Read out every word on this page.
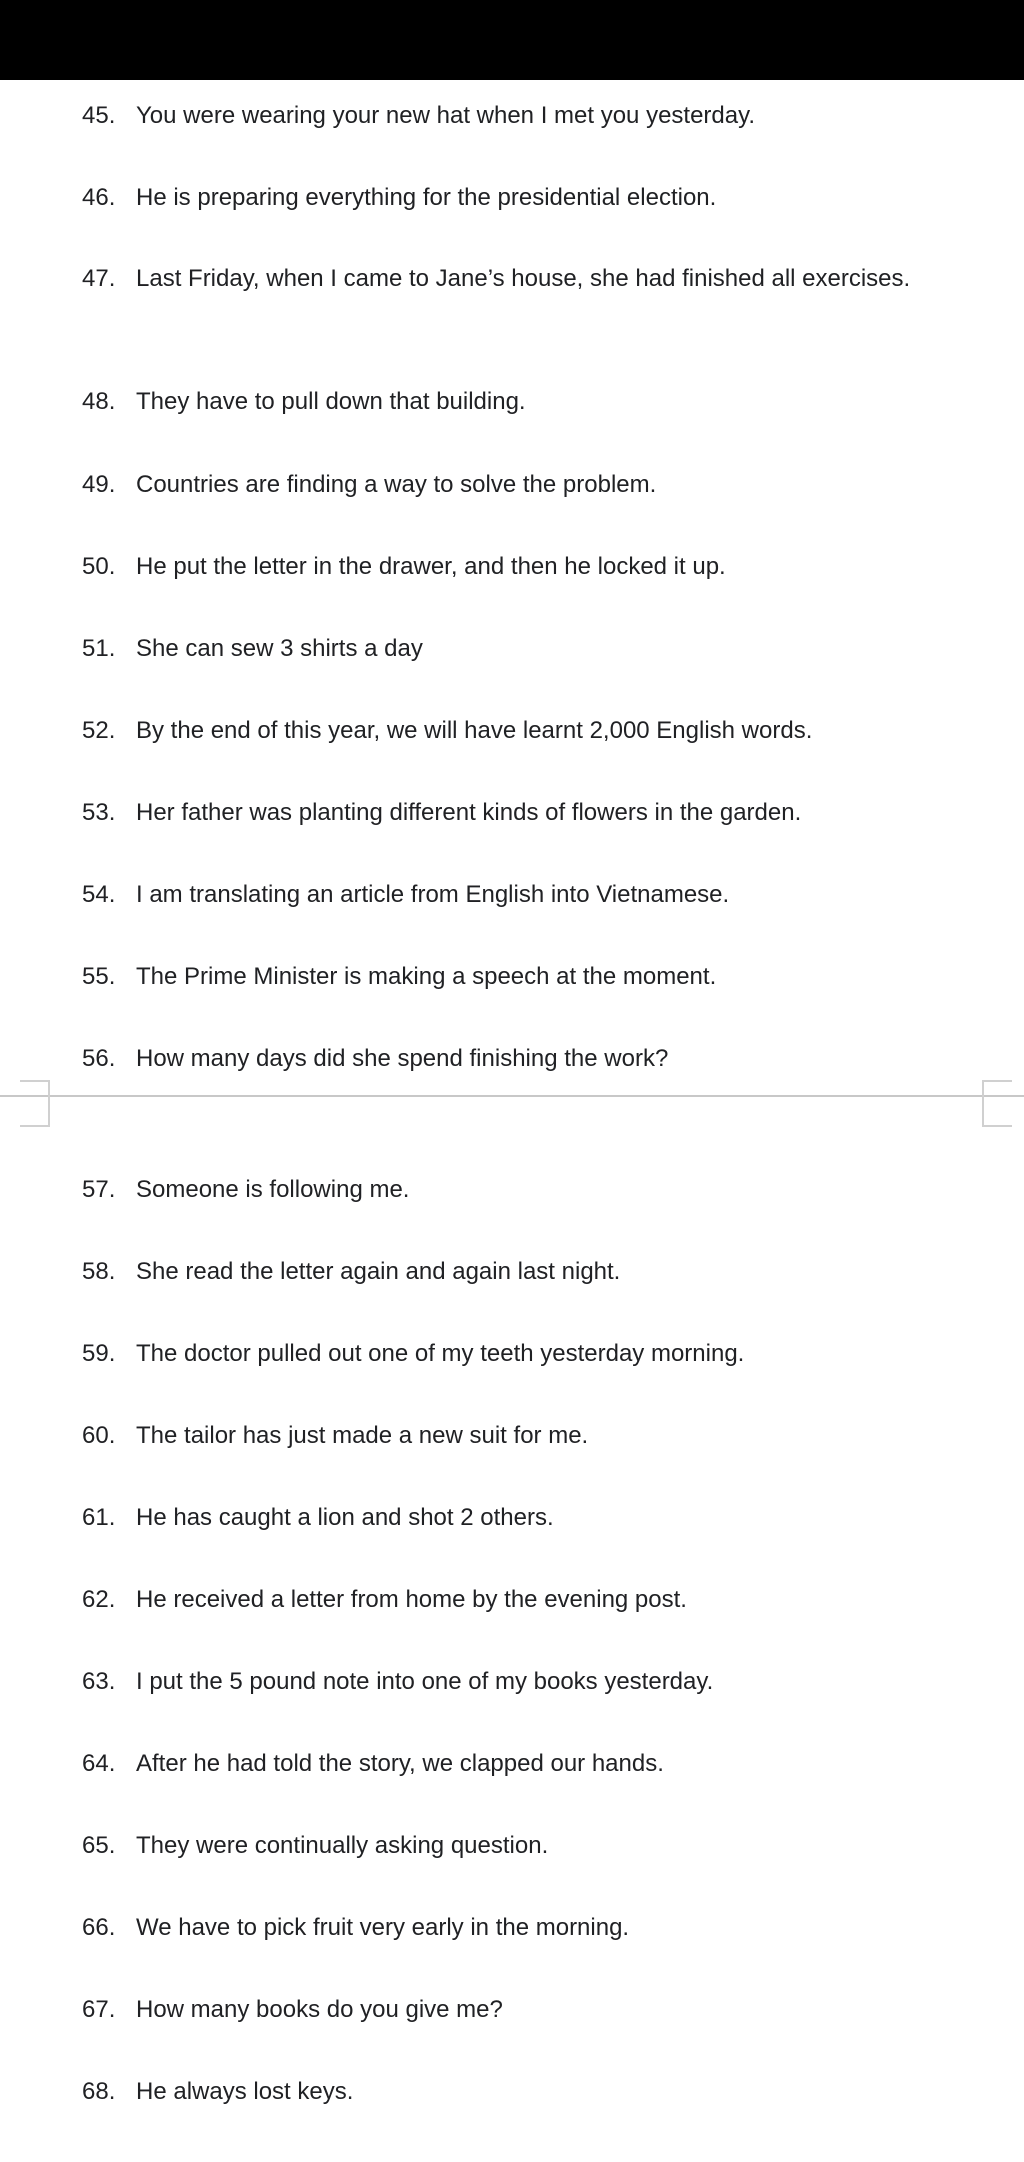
45. You were wearing your new hat when I met you yesterday.
46. He is preparing everything for the presidential election.
47. Last Friday, when I came to Jane’s house, she had finished all exercises.
48. They have to pull down that building.
49. Countries are finding a way to solve the problem.
50. He put the letter in the drawer, and then he locked it up.
51. She can sew 3 shirts a day
52. By the end of this year, we will have learnt 2,000 English words.
53. Her father was planting different kinds of flowers in the garden.
54. I am translating an article from English into Vietnamese.
55. The Prime Minister is making a speech at the moment.
56. How many days did she spend finishing the work?
57. Someone is following me.
58. She read the letter again and again last night.
59. The doctor pulled out one of my teeth yesterday morning.
60. The tailor has just made a new suit for me.
61. He has caught a lion and shot 2 others.
62. He received a letter from home by the evening post.
63. I put the 5 pound note into one of my books yesterday.
64. After he had told the story, we clapped our hands.
65. They were continually asking question.
66. We have to pick fruit very early in the morning.
67. How many books do you give me?
68. He always lost keys.
